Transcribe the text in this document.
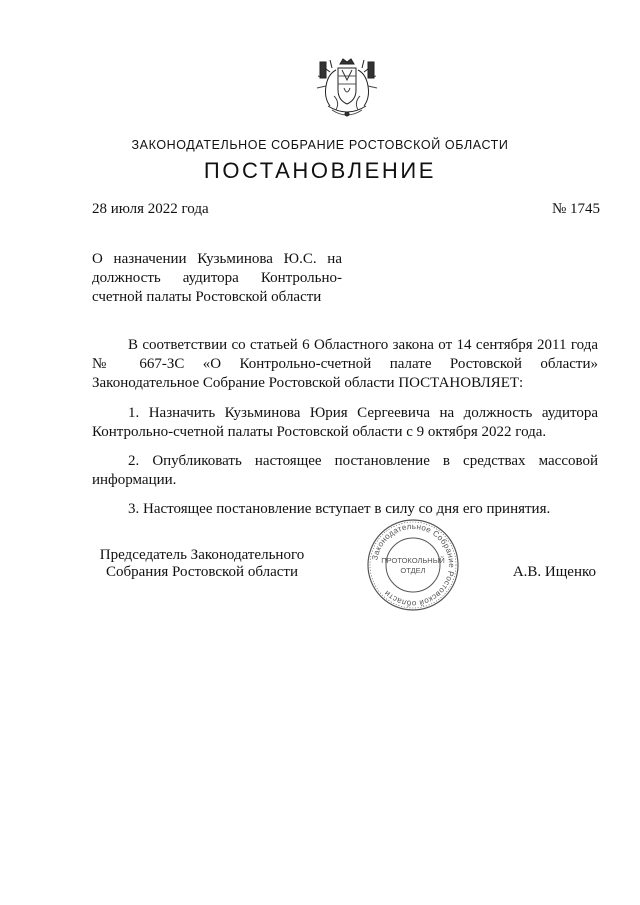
ЗАКОНОДАТЕЛЬНОЕ СОБРАНИЕ РОСТОВСКОЙ ОБЛАСТИ
ПОСТАНОВЛЕНИЕ
28 июля 2022 года	№ 1745
О назначении Кузьминова Ю.С. на должность аудитора Контрольно-счетной палаты Ростовской области

В соответствии со статьей 6 Областного закона от 14 сентября 2011 года № 667-ЗС «О Контрольно-счетной палате Ростовской области» Законодательное Собрание Ростовской области ПОСТАНОВЛЯЕТ:

1. Назначить Кузьминова Юрия Сергеевича на должность аудитора Контрольно-счетной палаты Ростовской области с 9 октября 2022 года.

2. Опубликовать настоящее постановление в средствах массовой информации.

3. Настоящее постановление вступает в силу со дня его принятия.

Председатель Законодательного
Собрания Ростовской области
Законодательное Собрание Ростовской области
ПРОТОКОЛЬНЫЙ
ОТДЕЛ	А.В. Ищенко
